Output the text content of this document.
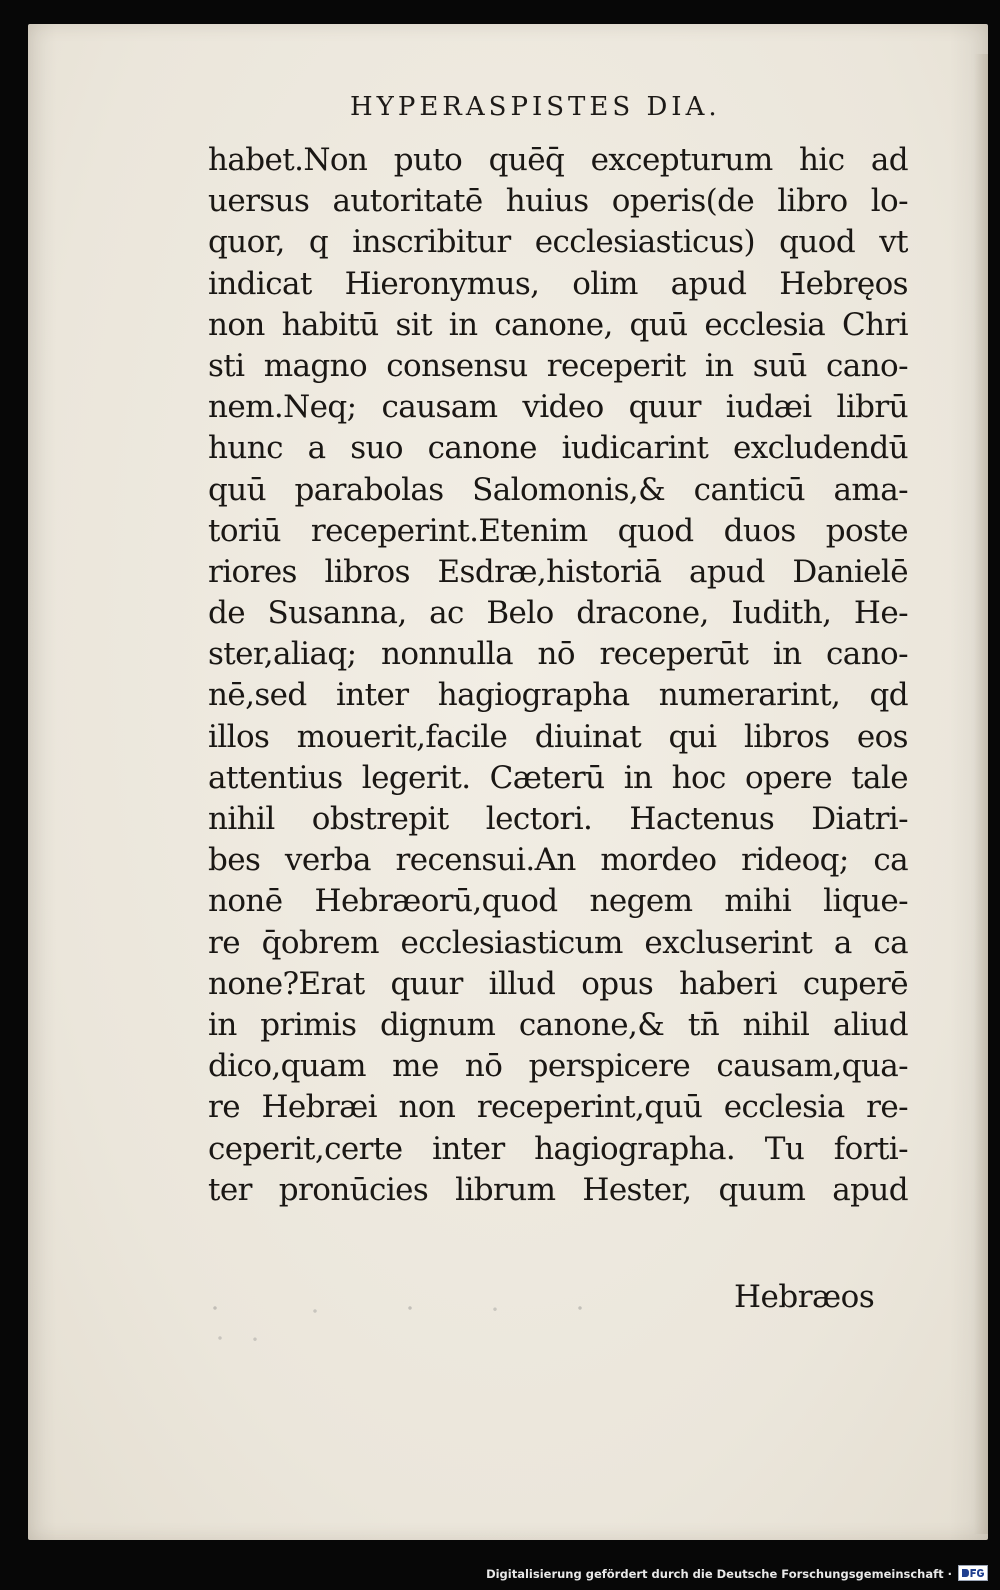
HYPERASPISTES DIA.
habet.Non puto quēq̄ excepturum hic ad
uersus autoritatē huius operis(de libro lo-
quor, q inscribitur ecclesiasticus) quod vt
indicat Hieronymus, olim apud Hebręos
non habitū sit in canone, quū ecclesia Chri
sti magno consensu receperit in suū cano-
nem.Neq; causam video quur iudæi librū
hunc a suo canone iudicarint excludendū
quū parabolas Salomonis,& canticū ama-
toriū receperint.Etenim quod duos poste
riores libros Esdræ,historiā apud Danielē
de Susanna, ac Belo dracone, Iudith, He-
ster,aliaq; nonnulla nō receperūt in cano-
nē,sed inter hagiographa numerarint, qd
illos mouerit,facile diuinat qui libros eos
attentius legerit. Cæterū in hoc opere tale
nihil obstrepit lectori. Hactenus Diatri-
bes verba recensui.An mordeo rideoq; ca
nonē Hebræorū,quod negem mihi lique-
re q̄obrem ecclesiasticum excluserint a ca
none?Erat quur illud opus haberi cuperē
in primis dignum canone,& tn̄ nihil aliud
dico,quam me nō perspicere causam,qua-
re Hebræi non receperint,quū ecclesia re-
ceperit,certe inter hagiographa. Tu forti-
ter pronūcies librum Hester, quum apud
Hebræos
Digitalisierung gefördert durch die Deutsche Forschungsgemeinschaft ·
